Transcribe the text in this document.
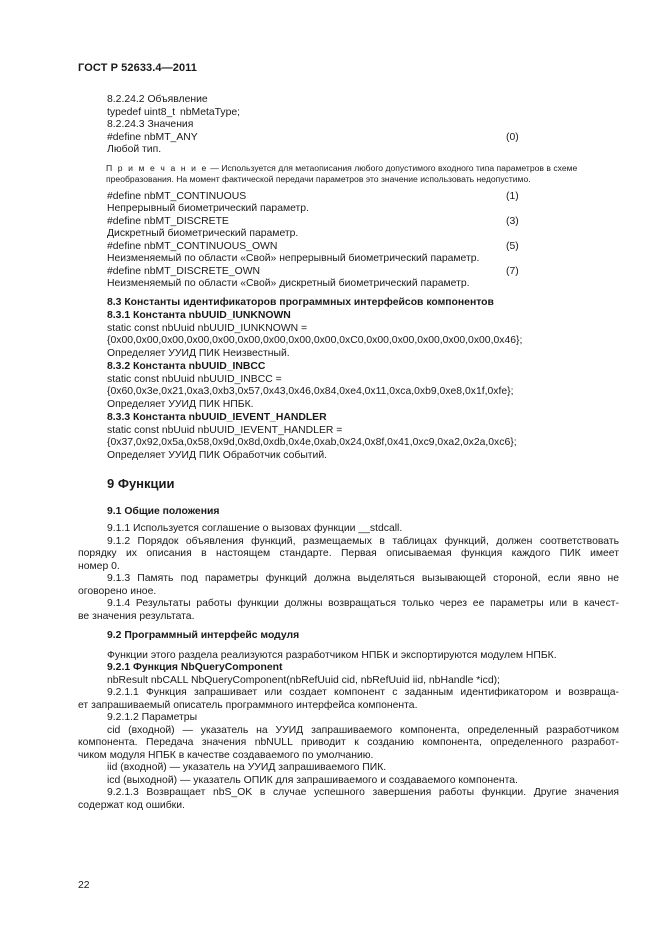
ГОСТ Р 52633.4—2011
8.2.24.2 Объявление
typedef uint8_t nbMetaType;
8.2.24.3 Значения
#define nbMT_ANY	(0)
Любой тип.
П р и м е ч а н и е — Используется для метаописания любого допустимого входного типа параметров в схеме
преобразования. На момент фактической передачи параметров это значение использовать недопустимо.
#define nbMT_CONTINUOUS	(1)
Непрерывный биометрический параметр.
#define nbMT_DISCRETE	(3)
Дискретный биометрический параметр.
#define nbMT_CONTINUOUS_OWN	(5)
Неизменяемый по области «Свой» непрерывный биометрический параметр.
#define nbMT_DISCRETE_OWN	(7)
Неизменяемый по области «Свой» дискретный биометрический параметр.
8.3 Константы идентификаторов программных интерфейсов компонентов
8.3.1 Константа nbUUID_IUNKNOWN
static const nbUuid nbUUID_IUNKNOWN =
{0x00,0x00,0x00,0x00,0x00,0x00,0x00,0x00,0x00,0xC0,0x00,0x00,0x00,0x00,0x00,0x46};
Определяет УУИД ПИК Неизвестный.
8.3.2 Константа nbUUID_INBCC
static const nbUuid nbUUID_INBCC =
{0x60,0x3e,0x21,0xa3,0xb3,0x57,0x43,0x46,0x84,0xe4,0x11,0xca,0xb9,0xe8,0x1f,0xfe};
Определяет УУИД ПИК НПБК.
8.3.3 Константа nbUUID_IEVENT_HANDLER
static const nbUuid nbUUID_IEVENT_HANDLER =
{0x37,0x92,0x5a,0x58,0x9d,0x8d,0xdb,0x4e,0xab,0x24,0x8f,0x41,0xc9,0xa2,0x2a,0xc6};
Определяет УУИД ПИК Обработчик событий.
9 Функции
9.1 Общие положения
9.1.1 Используется соглашение о вызовах функции __stdcall.
9.1.2 Порядок объявления функций, размещаемых в таблицах функций, должен соответствовать
порядку их описания в настоящем стандарте. Первая описываемая функция каждого ПИК имеет
номер 0.
9.1.3 Память под параметры функций должна выделяться вызывающей стороной, если явно не
оговорено иное.
9.1.4 Результаты работы функции должны возвращаться только через ее параметры или в качест-
ве значения результата.
9.2 Программный интерфейс модуля
Функции этого раздела реализуются разработчиком НПБК и экспортируются модулем НПБК.
9.2.1 Функция NbQueryComponent
nbResult nbCALL NbQueryComponent(nbRefUuid cid, nbRefUuid iid, nbHandle *icd);
9.2.1.1 Функция запрашивает или создает компонент с заданным идентификатором и возвраща-
ет запрашиваемый описатель программного интерфейса компонента.
9.2.1.2 Параметры
cid (входной) — указатель на УУИД запрашиваемого компонента, определенный разработчиком
компонента. Передача значения nbNULL приводит к созданию компонента, определенного разработ-
чиком модуля НПБК в качестве создаваемого по умолчанию.
iid (входной) — указатель на УУИД запрашиваемого ПИК.
icd (выходной) — указатель ОПИК для запрашиваемого и создаваемого компонента.
9.2.1.3 Возвращает nbS_OK в случае успешного завершения работы функции. Другие значения
содержат код ошибки.
22
